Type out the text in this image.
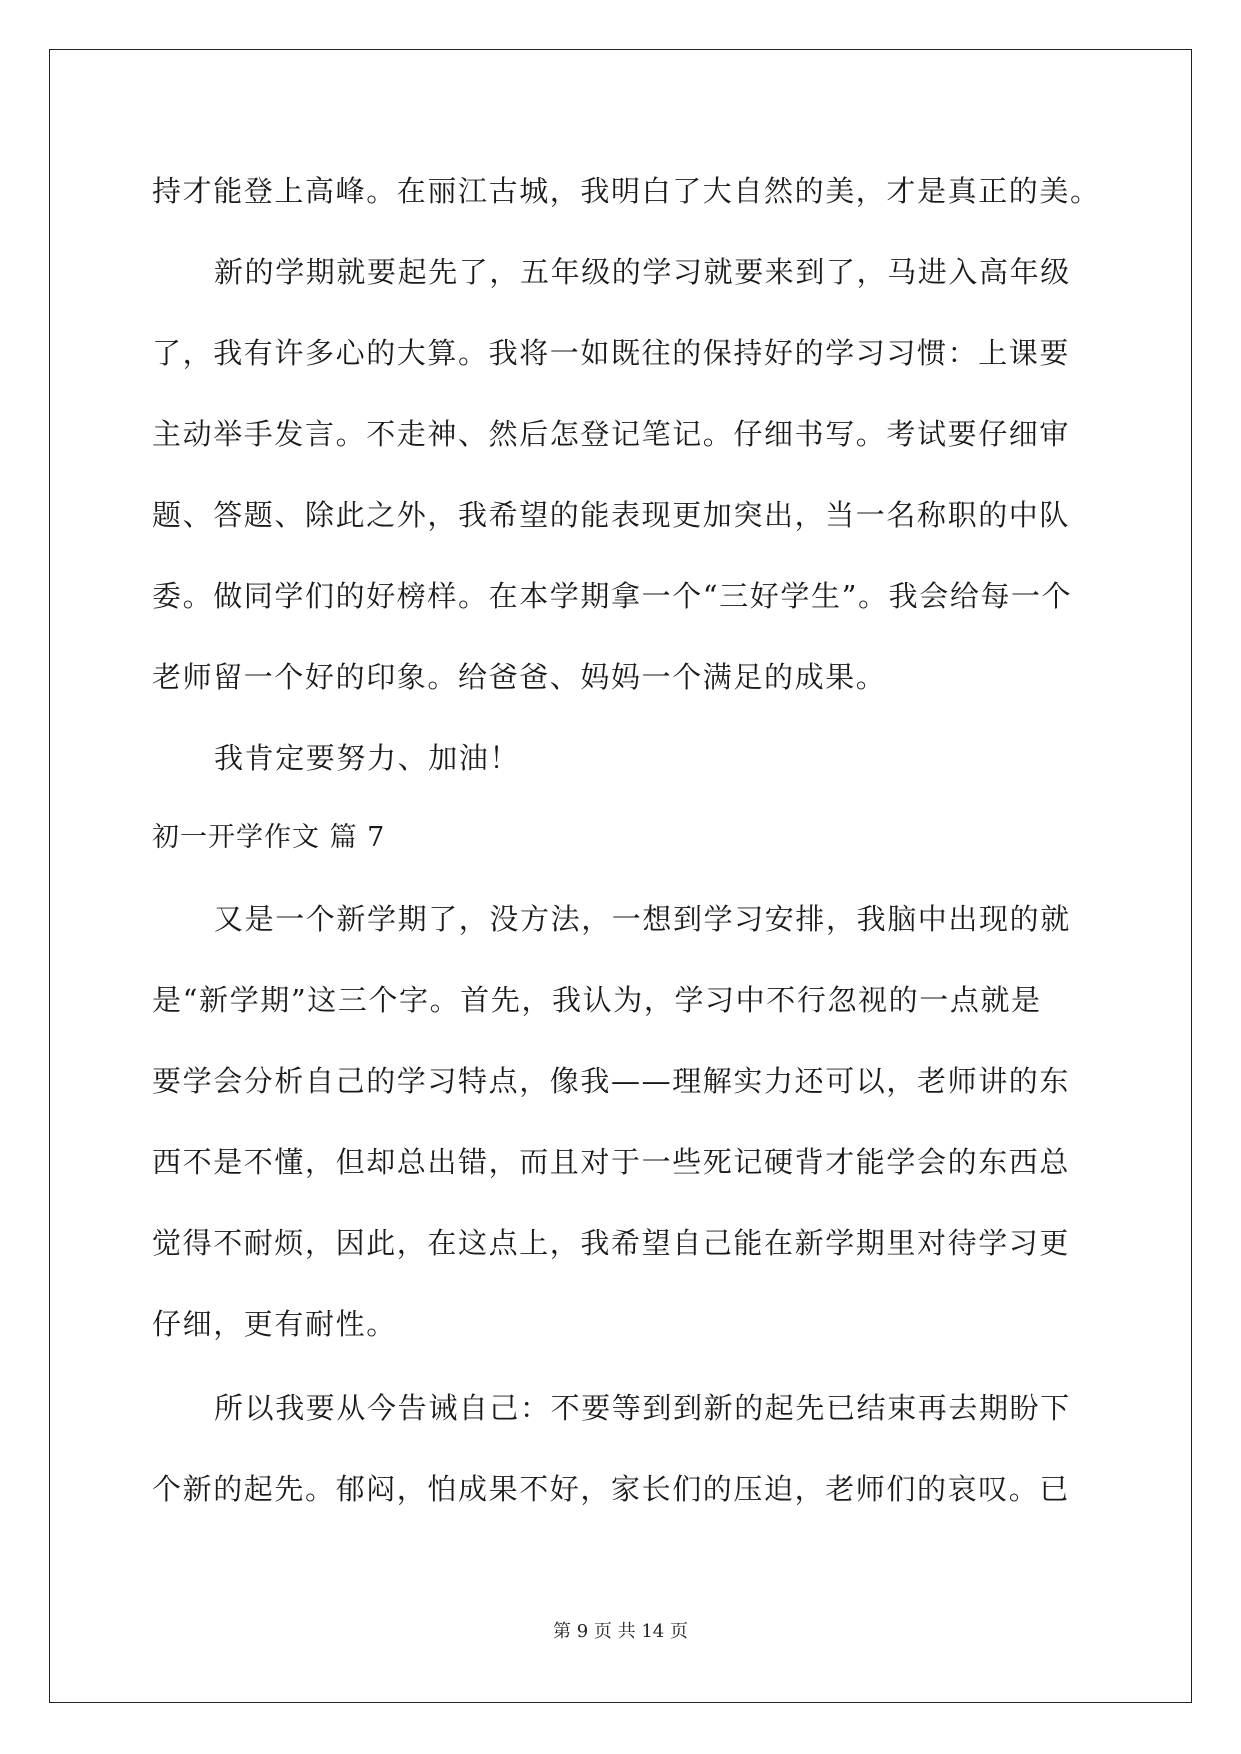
持才能登上高峰。在丽江古城，我明白了大自然的美，才是真正的美。
新的学期就要起先了，五年级的学习就要来到了，马进入高年级
了，我有许多心的大算。我将一如既往的保持好的学习习惯：上课要
主动举手发言。不走神、然后怎登记笔记。仔细书写。考试要仔细审
题、答题、除此之外，我希望的能表现更加突出，当一名称职的中队
委。做同学们的好榜样。在本学期拿一个“三好学生”。我会给每一个
老师留一个好的印象。给爸爸、妈妈一个满足的成果。
我肯定要努力、加油！
初一开学作文 篇 7
又是一个新学期了，没方法，一想到学习安排，我脑中出现的就
是“新学期”这三个字。首先，我认为，学习中不行忽视的一点就是
要学会分析自己的学习特点，像我——理解实力还可以，老师讲的东
西不是不懂，但却总出错，而且对于一些死记硬背才能学会的东西总
觉得不耐烦，因此，在这点上，我希望自己能在新学期里对待学习更
仔细，更有耐性。
所以我要从今告诫自己：不要等到到新的起先已结束再去期盼下
个新的起先。郁闷，怕成果不好，家长们的压迫，老师们的哀叹。已
第 9 页 共 14 页
